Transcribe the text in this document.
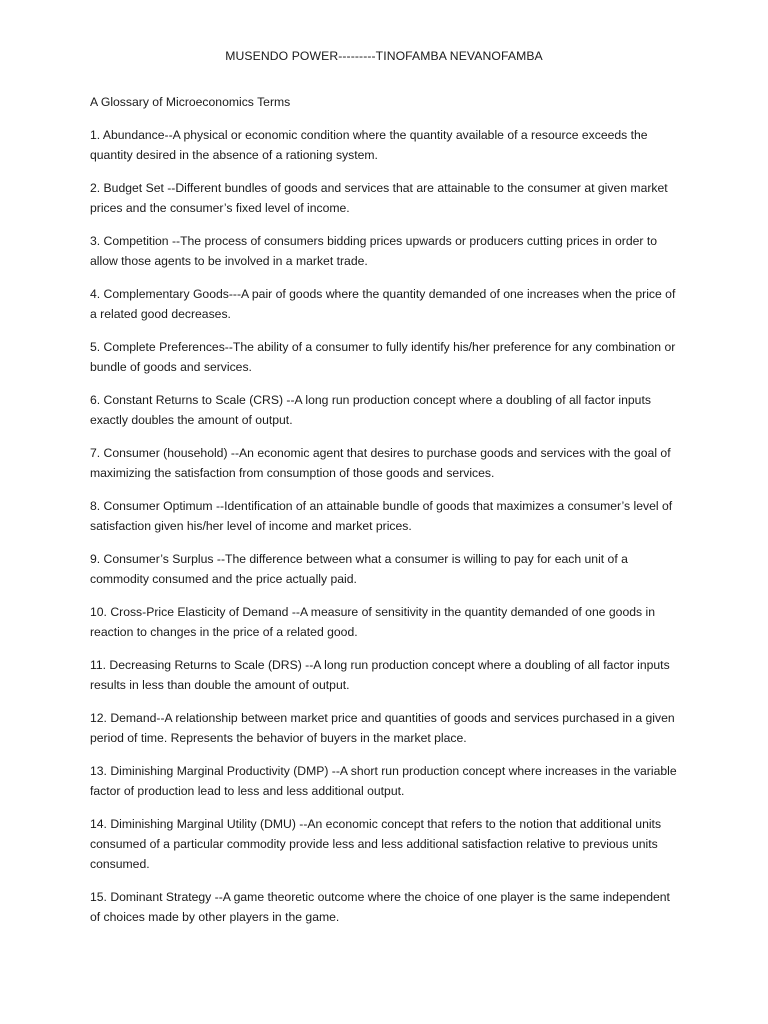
MUSENDO POWER---------TINOFAMBA NEVANOFAMBA

A Glossary of Microeconomics Terms

1. Abundance--A physical or economic condition where the quantity available of a resource exceeds the quantity desired in the absence of a rationing system.

2. Budget Set --Different bundles of goods and services that are attainable to the consumer at given market prices and the consumer’s fixed level of income.

3. Competition --The process of consumers bidding prices upwards or producers cutting prices in order to allow those agents to be involved in a market trade.

4. Complementary Goods---A pair of goods where the quantity demanded of one increases when the price of a related good decreases.

5. Complete Preferences--The ability of a consumer to fully identify his/her preference for any combination or bundle of goods and services.

6. Constant Returns to Scale (CRS) --A long run production concept where a doubling of all factor inputs exactly doubles the amount of output.

7. Consumer (household) --An economic agent that desires to purchase goods and services with the goal of maximizing the satisfaction from consumption of those goods and services.

8. Consumer Optimum --Identification of an attainable bundle of goods that maximizes a consumer’s level of satisfaction given his/her level of income and market prices.

9. Consumer’s Surplus --The difference between what a consumer is willing to pay for each unit of a commodity consumed and the price actually paid.

10. Cross-Price Elasticity of Demand --A measure of sensitivity in the quantity demanded of one goods in reaction to changes in the price of a related good.

11. Decreasing Returns to Scale (DRS) --A long run production concept where a doubling of all factor inputs results in less than double the amount of output.

12. Demand--A relationship between market price and quantities of goods and services purchased in a given period of time. Represents the behavior of buyers in the market place.

13. Diminishing Marginal Productivity (DMP) --A short run production concept where increases in the variable factor of production lead to less and less additional output.

14. Diminishing Marginal Utility (DMU) --An economic concept that refers to the notion that additional units consumed of a particular commodity provide less and less additional satisfaction relative to previous units consumed.

15. Dominant Strategy --A game theoretic outcome where the choice of one player is the same independent of choices made by other players in the game.
